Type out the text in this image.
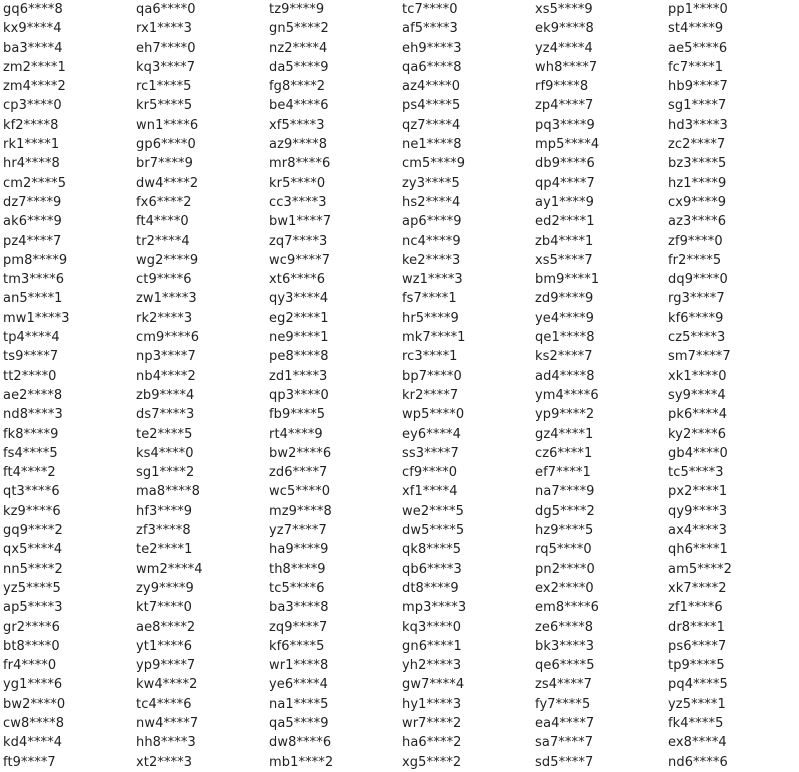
gq6****8	qa6****0	tz9****9	tc7****0	xs5****9	pp1****0
kx9****4	rx1****3	gn5****2	af5****3	ek9****8	st4****9
ba3****4	eh7****0	nz2****4	eh9****3	yz4****4	ae5****6
zm2****1	kq3****7	da5****9	qa6****8	wh8****7	fc7****1
zm4****2	rc1****5	fg8****2	az4****0	rf9****8	hb9****7
cp3****0	kr5****5	be4****6	ps4****5	zp4****7	sg1****7
kf2****8	wn1****6	xf5****3	qz7****4	pq3****9	hd3****3
rk1****1	gp6****0	az9****8	ne1****8	mp5****4	zc2****7
hr4****8	br7****9	mr8****6	cm5****9	db9****6	bz3****5
cm2****5	dw4****2	kr5****0	zy3****5	qp4****7	hz1****9
dz7****9	fx6****2	cc3****3	hs2****4	ay1****9	cx9****9
ak6****9	ft4****0	bw1****7	ap6****9	ed2****1	az3****6
pz4****7	tr2****4	zq7****3	nc4****9	zb4****1	zf9****0
pm8****9	wg2****9	wc9****7	ke2****3	xs5****7	fr2****5
tm3****6	ct9****6	xt6****6	wz1****3	bm9****1	dq9****0
an5****1	zw1****3	qy3****4	fs7****1	zd9****9	rg3****7
mw1****3	rk2****3	eg2****1	hr5****9	ye4****9	kf6****9
tp4****4	cm9****6	ne9****1	mk7****1	qe1****8	cz5****3
ts9****7	np3****7	pe8****8	rc3****1	ks2****7	sm7****7
tt2****0	nb4****2	zd1****3	bp7****0	ad4****8	xk1****0
ae2****8	zb9****4	qp3****0	kr2****7	ym4****6	sy9****4
nd8****3	ds7****3	fb9****5	wp5****0	yp9****2	pk6****4
fk8****9	te2****5	rt4****9	ey6****4	gz4****1	ky2****6
fs4****5	ks4****0	bw2****6	ss3****7	cz6****1	gb4****0
ft4****2	sg1****2	zd6****7	cf9****0	ef7****1	tc5****3
qt3****6	ma8****8	wc5****0	xf1****4	na7****9	px2****1
kz9****6	hf3****9	mz9****8	we2****5	dg5****2	qy9****3
gq9****2	zf3****8	yz7****7	dw5****5	hz9****5	ax4****3
qx5****4	te2****1	ha9****9	qk8****5	rq5****0	qh6****1
nn5****2	wm2****4	th8****9	qb6****3	pn2****0	am5****2
yz5****5	zy9****9	tc5****6	dt8****9	ex2****0	xk7****2
ap5****3	kt7****0	ba3****8	mp3****3	em8****6	zf1****6
gr2****6	ae8****2	zq9****7	kq3****0	ze6****8	dr8****1
bt8****0	yt1****6	kf6****5	gn6****1	bk3****3	ps6****7
fr4****0	yp9****7	wr1****8	yh2****3	qe6****5	tp9****5
yg1****6	kw4****2	ye6****4	gw7****4	zs4****7	pq4****5
bw2****0	tc4****6	na1****5	hy1****3	fy7****5	yz5****1
cw8****8	nw4****7	qa5****9	wr7****2	ea4****7	fk4****5
kd4****4	hh8****3	dw8****6	ha6****2	sa7****7	ex8****4
ft9****7	xt2****3	mb1****2	xg5****2	sd5****7	nd6****6
